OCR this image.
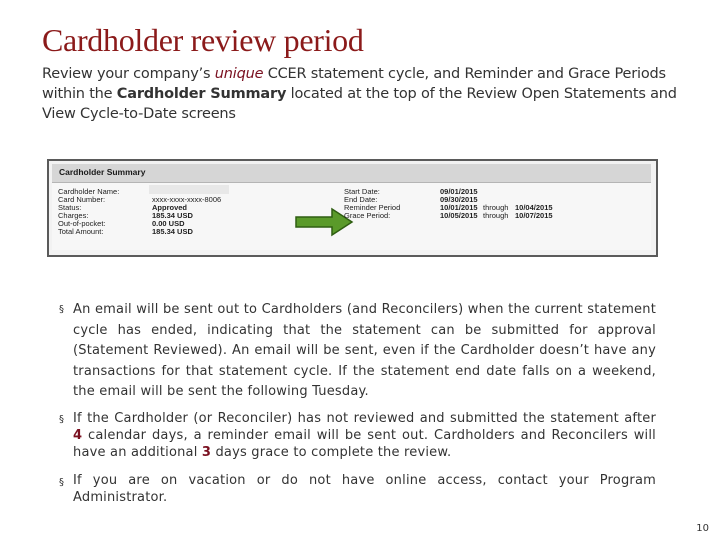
Cardholder review period
Review your company’s unique CCER statement cycle, and Reminder and Grace Periods within the Cardholder Summary located at the top of the Review Open Statements and View Cycle-to-Date screens
Cardholder Summary
Cardholder Name:
Card Number:
Status:
Charges:
Out-of-pocket:
Total Amount:
xxxx-xxxx-xxxx-8006
Approved
185.34 USD
0.00 USD
185.34 USD
Start Date:
End Date:
Reminder Period
Grace Period:
09/01/2015
09/30/2015
10/01/2015
10/05/2015
through
through
10/04/2015
10/07/2015
§ An email will be sent out to Cardholders (and Reconcilers) when the current statement cycle has ended, indicating that the statement can be submitted for approval (Statement Reviewed). An email will be sent, even if the Cardholder doesn’t have any transactions for that statement cycle. If the statement end date falls on a weekend, the email will be sent the following Tuesday.
§ If the Cardholder (or Reconciler) has not reviewed and submitted the statement after 4 calendar days, a reminder email will be sent out. Cardholders and Reconcilers will have an additional 3 days grace to complete the review.
§ If you are on vacation or do not have online access, contact your Program Administrator.
10
